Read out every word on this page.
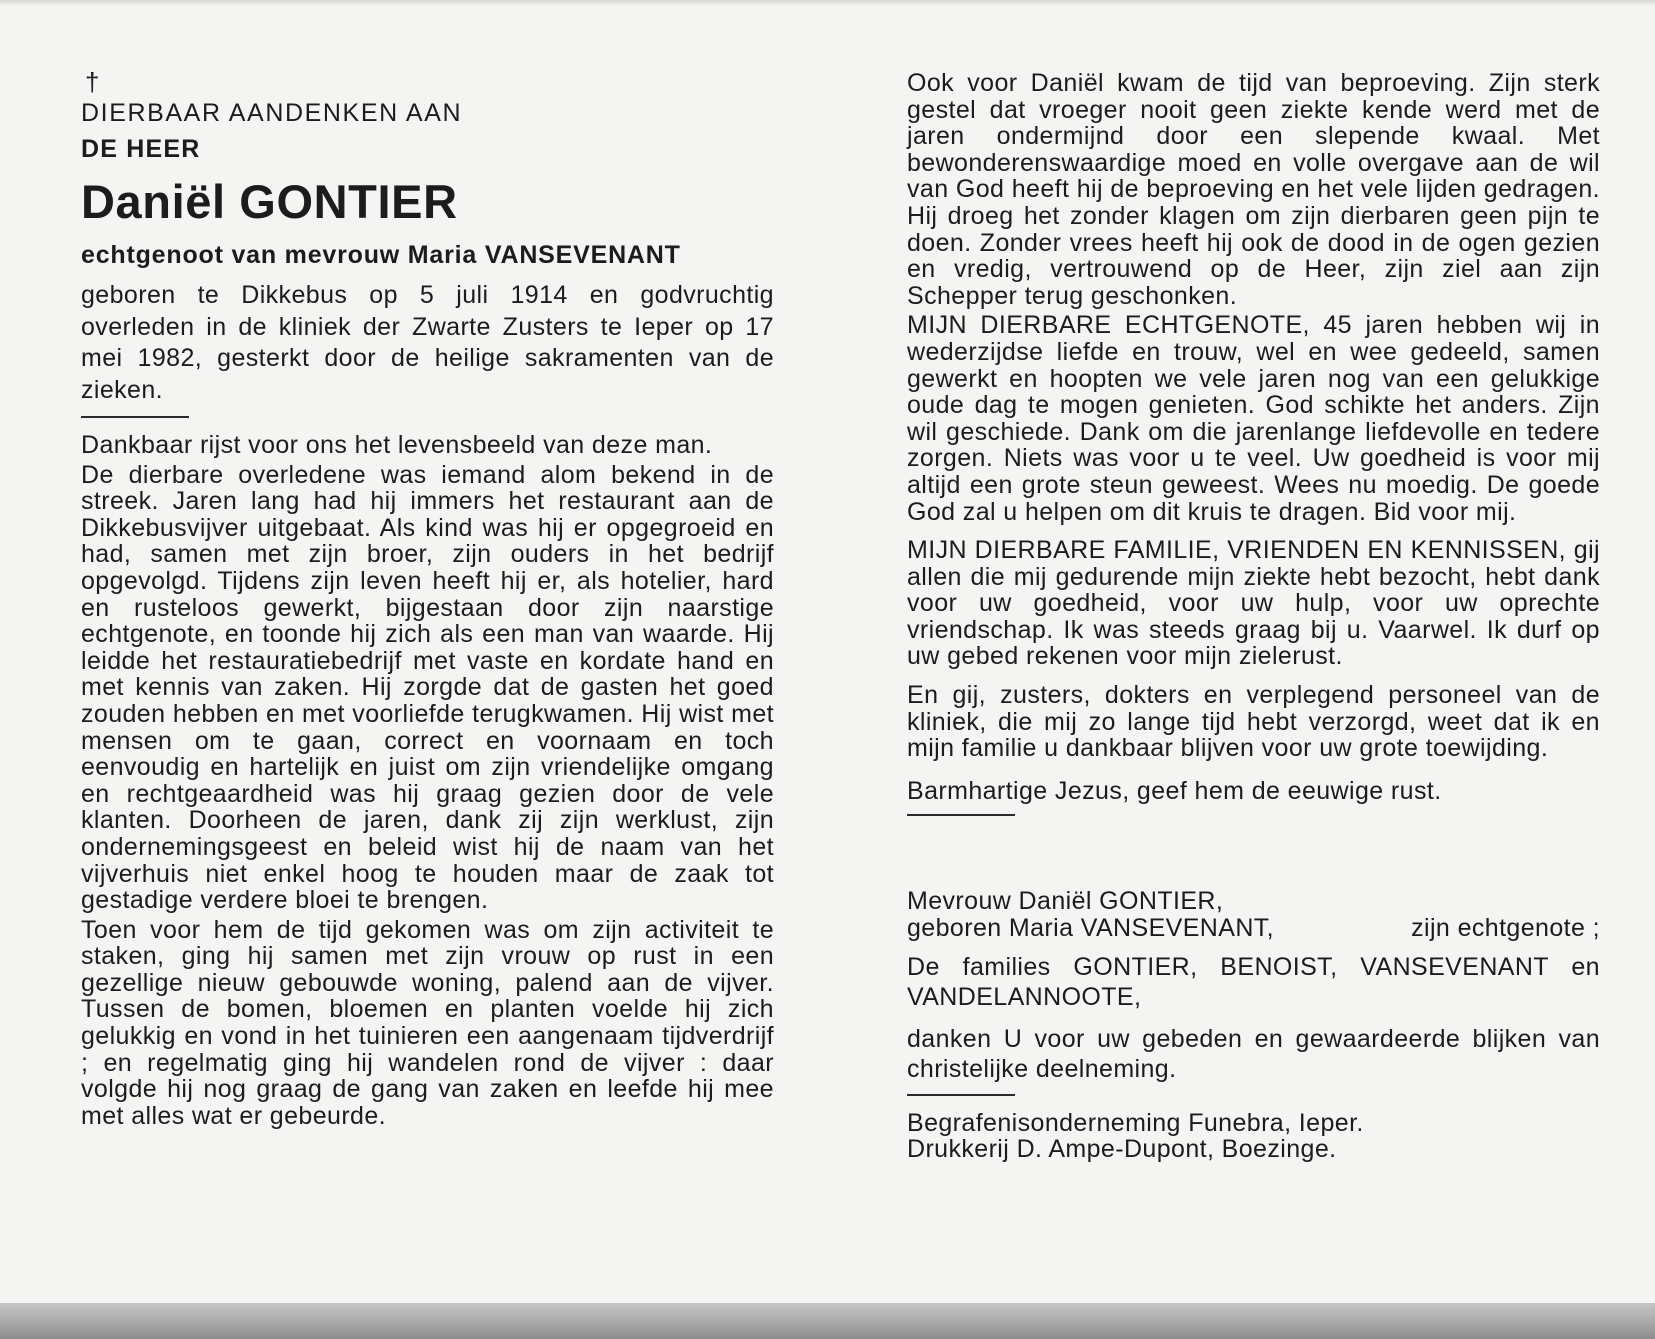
†
DIERBAAR AANDENKEN AAN
DE HEER
Daniël GONTIER
echtgenoot van mevrouw Maria VANSEVENANT

geboren te Dikkebus op 5 juli 1914 en godvruchtig overleden in de kliniek der Zwarte Zusters te Ieper op 17 mei 1982, gesterkt door de heilige sakramenten van de zieken.

Dankbaar rijst voor ons het levensbeeld van deze man.

De dierbare overledene was iemand alom bekend in de streek. Jaren lang had hij immers het restaurant aan de Dikkebusvijver uitgebaat. Als kind was hij er opgegroeid en had, samen met zijn broer, zijn ouders in het bedrijf opgevolgd. Tijdens zijn leven heeft hij er, als hotelier, hard en rusteloos gewerkt, bijgestaan door zijn naarstige echtgenote, en toonde hij zich als een man van waarde. Hij leidde het restauratiebedrijf met vaste en kordate hand en met kennis van zaken. Hij zorgde dat de gasten het goed zouden hebben en met voorliefde terugkwamen. Hij wist met mensen om te gaan, correct en voornaam en toch eenvoudig en hartelijk en juist om zijn vriendelijke omgang en rechtgeaardheid was hij graag gezien door de vele klanten. Doorheen de jaren, dank zij zijn werklust, zijn ondernemingsgeest en beleid wist hij de naam van het vijverhuis niet enkel hoog te houden maar de zaak tot gestadige verdere bloei te brengen.

Toen voor hem de tijd gekomen was om zijn activiteit te staken, ging hij samen met zijn vrouw op rust in een gezellige nieuw gebouwde woning, palend aan de vijver. Tussen de bomen, bloemen en planten voelde hij zich gelukkig en vond in het tuinieren een aangenaam tijdverdrijf ; en regelmatig ging hij wandelen rond de vijver : daar volgde hij nog graag de gang van zaken en leefde hij mee met alles wat er gebeurde.

Ook voor Daniël kwam de tijd van beproeving. Zijn sterk gestel dat vroeger nooit geen ziekte kende werd met de jaren ondermijnd door een slepende kwaal. Met bewonderenswaardige moed en volle overgave aan de wil van God heeft hij de beproeving en het vele lijden gedragen. Hij droeg het zonder klagen om zijn dierbaren geen pijn te doen. Zonder vrees heeft hij ook de dood in de ogen gezien en vredig, vertrouwend op de Heer, zijn ziel aan zijn Schepper terug geschonken.

MIJN DIERBARE ECHTGENOTE, 45 jaren hebben wij in wederzijdse liefde en trouw, wel en wee gedeeld, samen gewerkt en hoopten we vele jaren nog van een gelukkige oude dag te mogen genieten. God schikte het anders. Zijn wil geschiede. Dank om die jarenlange liefdevolle en tedere zorgen. Niets was voor u te veel. Uw goedheid is voor mij altijd een grote steun geweest. Wees nu moedig. De goede God zal u helpen om dit kruis te dragen. Bid voor mij.

MIJN DIERBARE FAMILIE, VRIENDEN EN KENNISSEN, gij allen die mij gedurende mijn ziekte hebt bezocht, hebt dank voor uw goedheid, voor uw hulp, voor uw oprechte vriendschap. Ik was steeds graag bij u. Vaarwel. Ik durf op uw gebed rekenen voor mijn zielerust.

En gij, zusters, dokters en verplegend personeel van de kliniek, die mij zo lange tijd hebt verzorgd, weet dat ik en mijn familie u dankbaar blijven voor uw grote toewijding.

Barmhartige Jezus, geef hem de eeuwige rust.

Mevrouw Daniël GONTIER,

geboren Maria VANSEVENANT,	zijn echtgenote ;

De families GONTIER, BENOIST, VANSEVENANT en VANDELANNOOTE,

danken U voor uw gebeden en gewaardeerde blijken van christelijke deelneming.

Begrafenisonderneming Funebra, Ieper.

Drukkerij D. Ampe-Dupont, Boezinge.
